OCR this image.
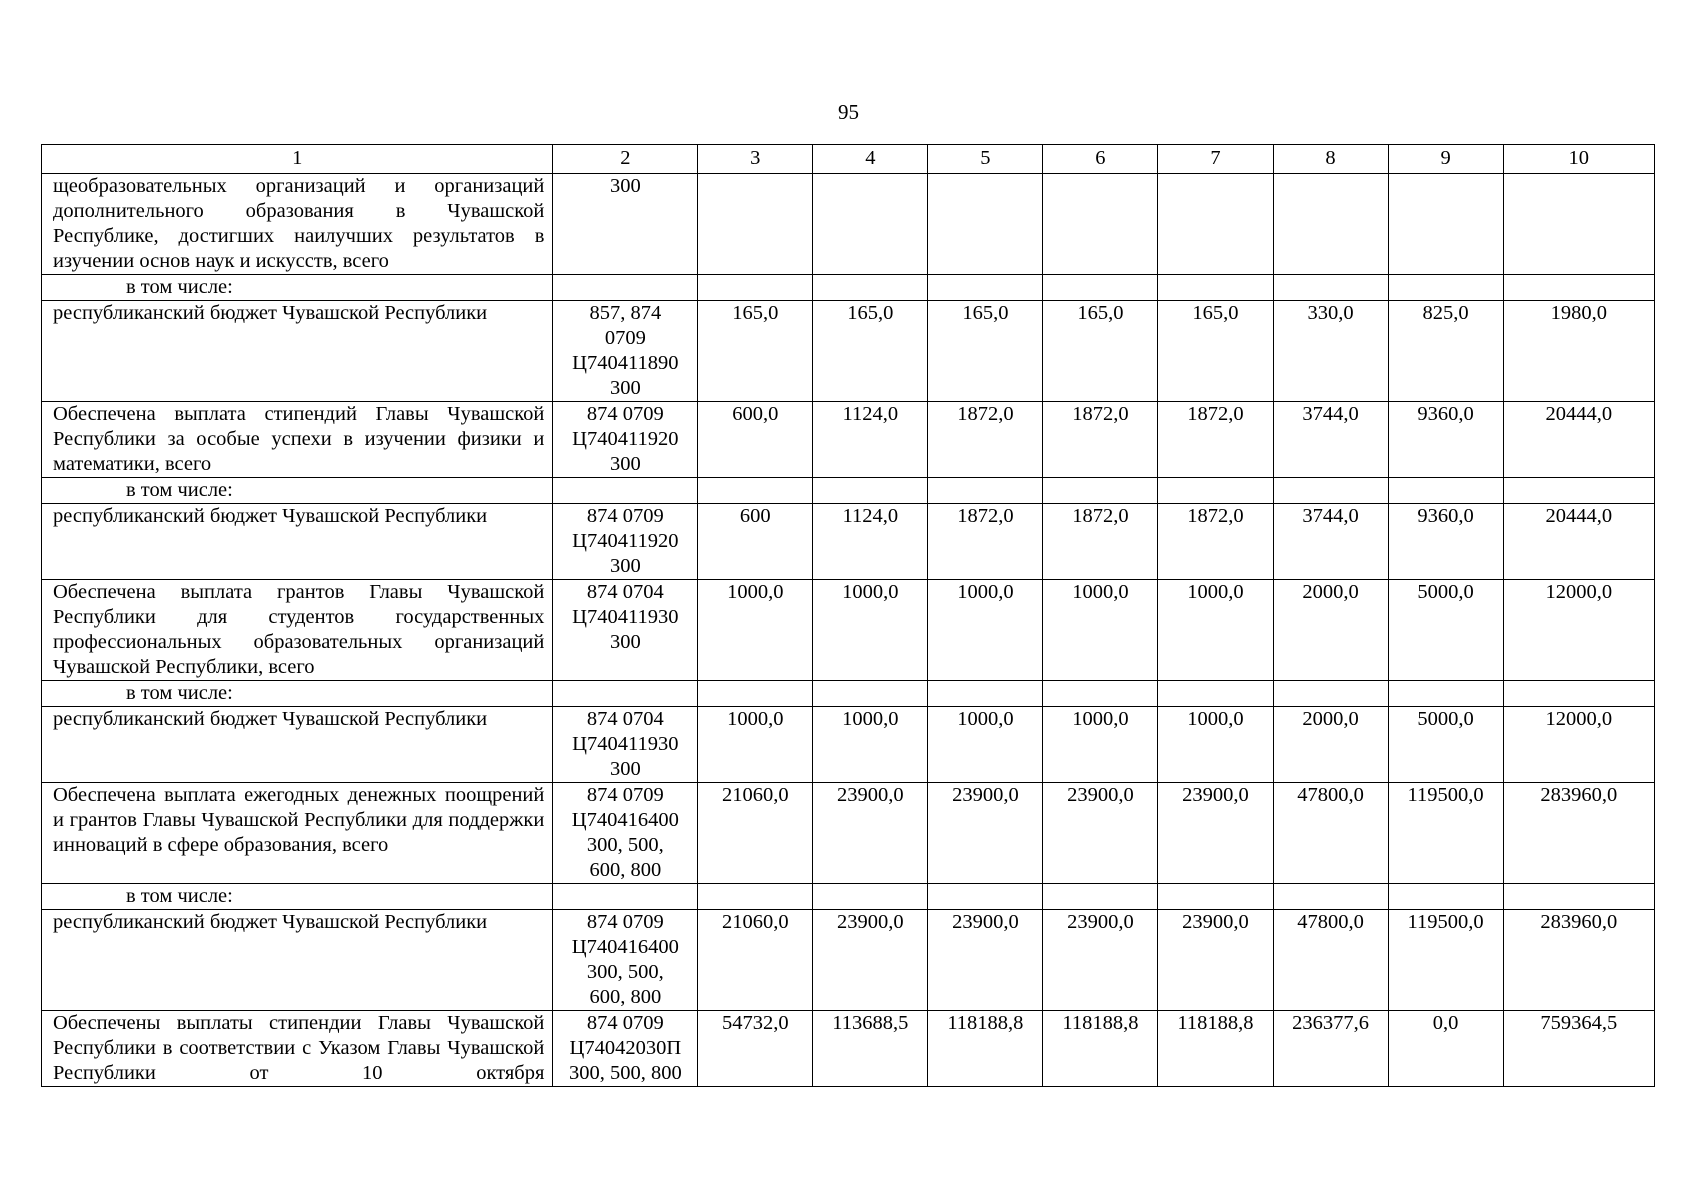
95
1	2	3	4	5	6	7	8	9	10
щеобразовательных организаций и организаций дополнительного образования в Чувашской Республике, достигших наилучших результатов в изучении основ наук и искусств, всего	300								

в том числе:									
республиканский бюджет Чувашской Республики	857, 874
0709
Ц740411890
300	165,0	165,0	165,0	165,0	165,0	330,0	825,0	1980,0
Обеспечена выплата стипендий Главы Чувашской Республики за особые успехи в изучении физики и математики, всего	874 0709
Ц740411920
300	600,0	1124,0	1872,0	1872,0	1872,0	3744,0	9360,0	20444,0
в том числе:									
республиканский бюджет Чувашской Республики	874 0709
Ц740411920
300	600	1124,0	1872,0	1872,0	1872,0	3744,0	9360,0	20444,0
Обеспечена выплата грантов Главы Чувашской Республики для студентов государственных профессиональных образовательных организаций Чувашской Республики, всего	874 0704
Ц740411930
300	1000,0	1000,0	1000,0	1000,0	1000,0	2000,0	5000,0	12000,0
в том числе:									
республиканский бюджет Чувашской Республики	874 0704
Ц740411930
300	1000,0	1000,0	1000,0	1000,0	1000,0	2000,0	5000,0	12000,0
Обеспечена выплата ежегодных денежных поощрений и грантов Главы Чувашской Республики для поддержки инноваций в сфере образования, всего	874 0709
Ц740416400
300, 500,
600, 800	21060,0	23900,0	23900,0	23900,0	23900,0	47800,0	119500,0	283960,0
в том числе:									
республиканский бюджет Чувашской Республики	874 0709
Ц740416400
300, 500,
600, 800	21060,0	23900,0	23900,0	23900,0	23900,0	47800,0	119500,0	283960,0
Обеспечены выплаты стипендии Главы Чувашской Республики в соответствии с Указом Главы Чувашской Республики от 10 октября	874 0709
Ц74042030П
300, 500, 800	54732,0	113688,5	118188,8	118188,8	118188,8	236377,6	0,0	759364,5
